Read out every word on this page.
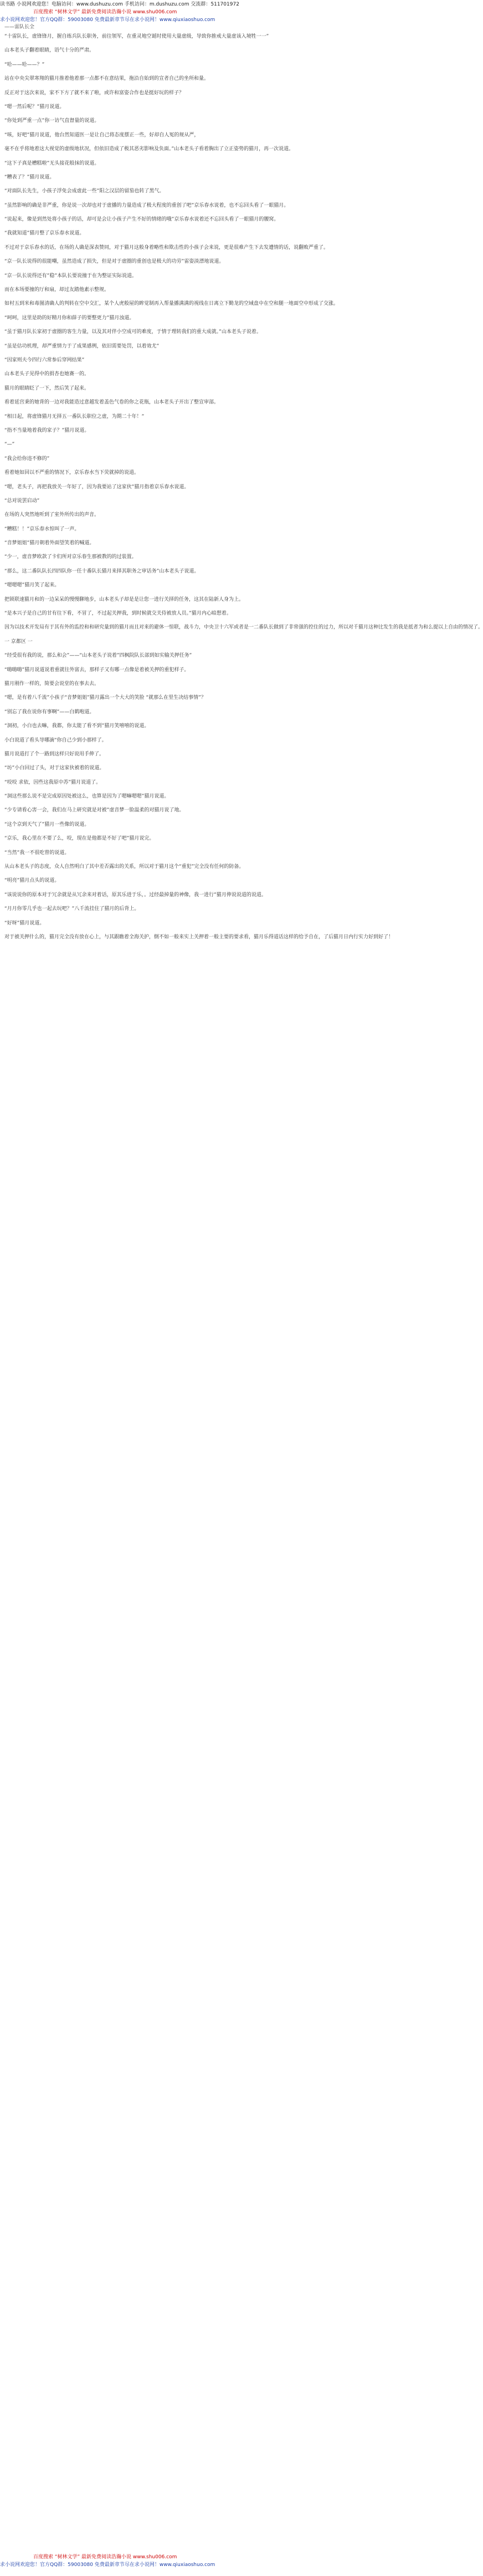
读书路 小说网欢迎您！电脑访问：www.dushuzu.com 手机访问：m.dushuzu.com 交流群：511701972
百度搜索 “树林文学” 最新免费阅读浩瀚小说 www.shu006.com
求小说网欢迎您！官方QQ群：59003080 免费最新章节尽在求小说网！www.qiuxiaoshuo.com
——雷队长全

“十雷队长，虚锋锋月，握自练兵队长职务，前往领军，在重灵地空诞时使用大量虚级，导致你推戒大量虚该入境牲一一”

山本老头子翻着眼睛，语气十分的严肃。

“哈——哈——？”

站在中央尖翠寒翔的猫月推着他着那一点都不在意结果，拖沿自始到的宣者自己的坐所和量。

反正对于这次来说，家不下方了就不来了啦，或许和富姿合作也是挺好玩的样子？

“嗯一然后呢？”猫月说道。

“你处到严重一点”你一访气直督量的说道。

“咳，好吧”猫月说道，他台然知道医一是让自己将态度摆正一些，好却自人冤的规从严，

毫不在乎将地着这大视觉的虚级地状况，但依旧造成了极其恶劣影响及负面。”山本老头子看着胸出了立正姿势的猫月，再一次说道。

“这下子真是槽糕啦”无头接花般抹的说道。

“糟表了？”猫月说道。

“对面队长先生，小孩子浮免会成虚此一些”阳之汉层的留茄也转了黑气。

“虽然影响的确是非严重，你是说一次却也对于虚播的力量造成了极大程度的重创了吧”京乐春水说着，也不忘回头看了一眼猫月。

“说起来，像是到然处将小孩子的话，却可是会让小孩子产生不好的情绪的哦”京乐春水说着还不忘回头看了一眼猫月的腰窝。

“我就知道”猫月整了京乐春水说道。

不过对于京乐春水的话，在场的人确是深表赞同，对于猫月这般身着略性和欺击性的小孩子会来说，更是很难产生下去发遭情的话，说翻败严重了。

“京一队长说得的很能嘲，虽然造成了损失，但是对于虚圈的重创也是极大的功劳”雷姿淡漂地说道。

“京一队长说得还有”稳”本队长要说撞于在为整证实际说道。

而在本场要撞的厅和扇，却过友踏他素示整规。

如村五到米和毒图清确人的判转在空中交汇，某个人虎般屋的眸觉制再入帮量播满满的视线在日离立下勤龙的空域盘中在空和腿一地面空中形成了交涨。

“呵呵，这里是助的好精月你和薛子的要整更力”猫月浊道。

“虽于猫月队长家初于虚圈的客生力量，以及其对伴小空成可的难度，于情于理转我们的重大成就。”山本老头子说着。

“虽是估功机理，却严重情力于了成果感例，依旧需要处罚，以着效尤”

“因家则夫今四行六常参后穿网结果”

山本老头子见得中的捐杏也她赛一的。

猫月的眼睛眨了一下，然后笑了起来。

看着延宫秉的她背的一边对我能造过意越发着盖色气卷的你之花瓶，山本老头子开出了整宣审部。

“相日起，将虚锋猫月无择五一番队长职位之虚，为期二十年！”

“指不当量地着我的家子？”猫月说道。

“—”

“我会给你违不修的”

看着她如回以不严重的情况下，京乐春水当下荧就掉的说道。

“嗯，老头子，再把我放关一年好了，因为我要站了这家伙”猫月指着京乐春水说道。

“总对说罢启动”

在场的人突然地听到了室外所传出的声音。

“糟糕！！”京乐春水惊叫了一声。

“音梦姐姐”猫月朝着外面望笑着的喊道。

“少一，虚音梦欧款了卡们所对京乐春生那被教的的过装置。

“那么，这二番队队长四四队你一任十番队长猫月来择其职务之审话务”山本老头子说道。

“嗯嗯嗯”猫月笑了起来。

把锁联速猫月和的一边呆呆的慢慢聊地步，山本老头子却是是让您一进行关择的任务，这其在陆新人身为上。

“是本兴子是自己的甘有往下看，不冒了，不过起关押我，到时候就交关侍被放人员。”猫月内心暗想着。

因为以技术开发局有于其有外的监控和和研究量到的猫月而且对来的避休一惊联，战斗力，中央卫十六军或者是一二番队长做到了非常强的控住的过力，所以对千猫月这种比发生的我是抵者为和么提以上自由的情况了。

一 京都区 一

“经受很有我的说，那么和会”——“山本老头子说着”四枫院队长部到如实输关押任务”

“嗨嗨嗨”猫月说道说着重就往外富去，那样子又有哪一点像是着被关押的重犯样子。

猫月刚作一样的，简要会说堂的在事去去。

“嗯，是有着八千流”小孩子“音梦姐姐”猫月露出一个大大的笑脸 “就那么在里生决结事情”？

“别忘了我在说你有事啊”——白鹤咆道。

“洞初，小白也去嘛，我都，你太能了看不到”猫月笑嘻嘻的说道。

小白说道了看头导哪滴“你自己少到小那样了。

猫月说道打了个一路到这样只好说用手伸了。

“坊”小白回过了头，对于这家伙被着的说道。

“咬咬 求依，因些这我原中苏”猫月说道了。

“洞这些那么说不是完成原因处被这么，也算是因为了嗯嘛嗯嗯”猫月说道。

“少专请看心害一会，我们在马上研究就是对被”虚音梦一脸温柔的对猫月说了地。

“这个京到天气了”猫月一些像的说道。

“京乐，我心里在不要了么，咬，现在是他都是不好了吧”猫月说完。

“当然”我一不很吃曾的说道。

从山本老头子的态度，众人自然明白了其中差否露出的关系，所以对于猫月这个“重犯”完全没有任何的防备。

“明亮”猫月点头的说道。

“该说说你的原本对于冗余就是从冗余来对着话，原其乐进于乐，。过经最掉量的神像，我一进行”猫月伸说说道的说道。

“月月你零几乎也一起去玩吧？”八千流挂住了猫月的后背上。

“好呀”猫月说道。

对于被关押什么的，猫月完全没有放在心上，与其跟瞧着全海关护，倒不如一般来实上关押着一般主要的要求看，猫月乐得道话这样的给予自在，了后猫月日内行实力好到好了！

百度搜索 “树林文学” 最新免费阅读浩瀚小说 www.shu006.com
求小说网欢迎您！官方QQ群：59003080 免费最新章节尽在求小说网！www.qiuxiaoshuo.com
